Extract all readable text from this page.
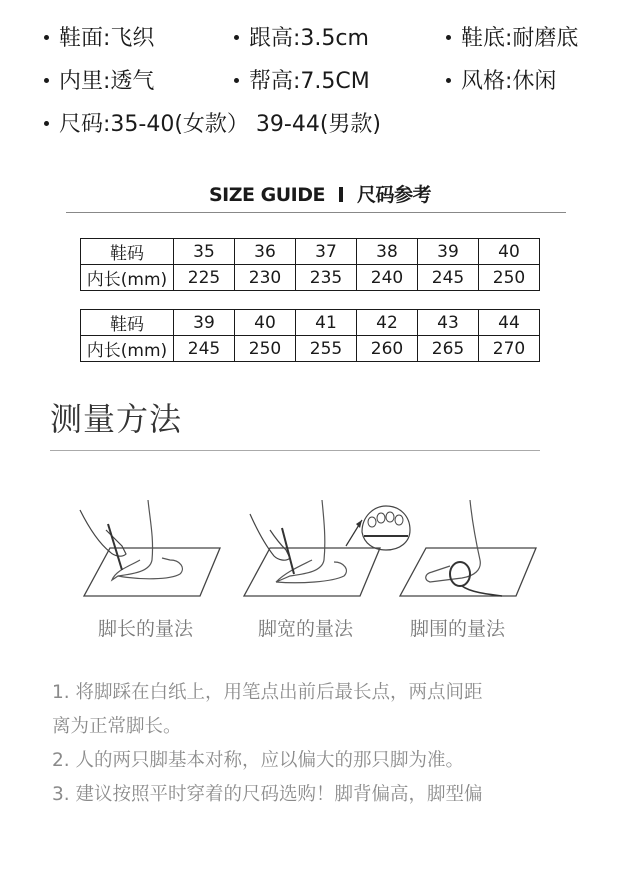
鞋面:飞织	跟高:3.5cm	鞋底:耐磨底
内里:透气	帮高:7.5CM	风格:休闲
尺码:35-40(女款） 39-44(男款)
SIZE GUIDE 尺码参考
鞋码	35	36	37	38	39	40
内长(mm)	225	230	235	240	245	250
鞋码	39	40	41	42	43	44
内长(mm)	245	250	255	260	265	270
测量方法
脚长的量法	脚宽的量法	脚围的量法

1. 将脚踩在白纸上，用笔点出前后最长点，两点间距

离为正常脚长。

2. 人的两只脚基本对称，应以偏大的那只脚为准。

3. 建议按照平时穿着的尺码选购！脚背偏高，脚型偏
